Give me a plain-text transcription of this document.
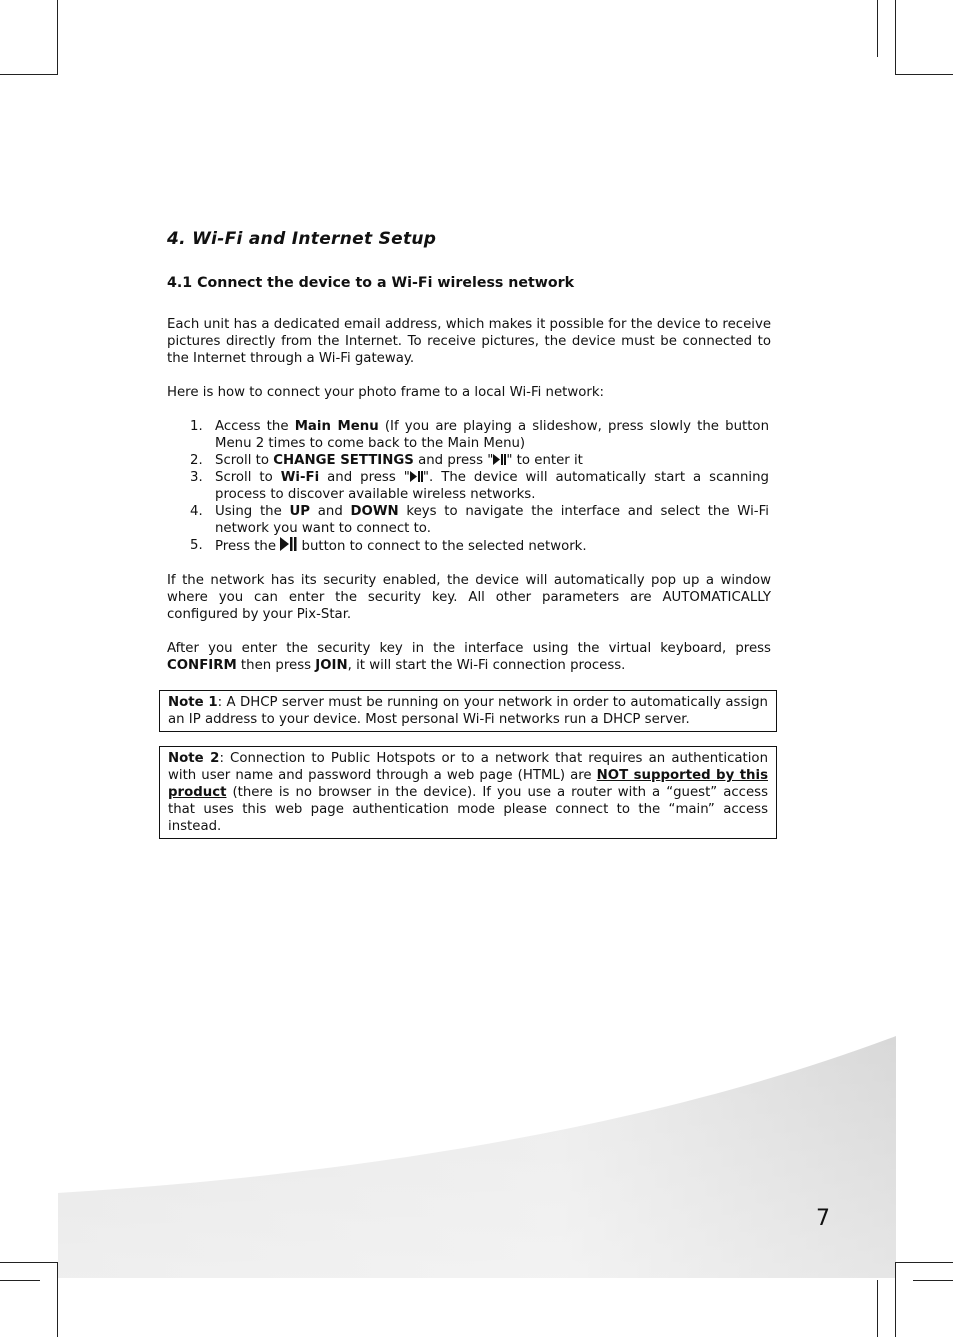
4. Wi-Fi and Internet Setup
4.1 Connect the device to a Wi-Fi wireless network

Each unit has a dedicated email address, which makes it possible for the device to receive pictures directly from the Internet. To receive pictures, the device must be connected to the Internet through a Wi-Fi gateway.

Here is how to connect your photo frame to a local Wi-Fi network:

1. Access the Main Menu (If you are playing a slideshow, press slowly the button Menu 2 times to come back to the Main Menu)
2. Scroll to CHANGE SETTINGS and press " " to enter it
3. Scroll to Wi-Fi and press " ". The device will automatically start a scanning process to discover available wireless networks.
4. Using the UP and DOWN keys to navigate the interface and select the Wi-Fi network you want to connect to.
5. Press the  button to connect to the selected network.

If the network has its security enabled, the device will automatically pop up a window where you can enter the security key. All other parameters are AUTOMATICALLY configured by your Pix-Star.

After you enter the security key in the interface using the virtual keyboard, press CONFIRM then press JOIN, it will start the Wi-Fi connection process.

Note 1: A DHCP server must be running on your network in order to automatically assign an IP address to your device. Most personal Wi-Fi networks run a DHCP server.
Note 2: Connection to Public Hotspots or to a network that requires an authentication with user name and password through a web page (HTML) are NOT supported by this product (there is no browser in the device). If you use a router with a “guest” access that uses this web page authentication mode please connect to the “main” access instead.
7
